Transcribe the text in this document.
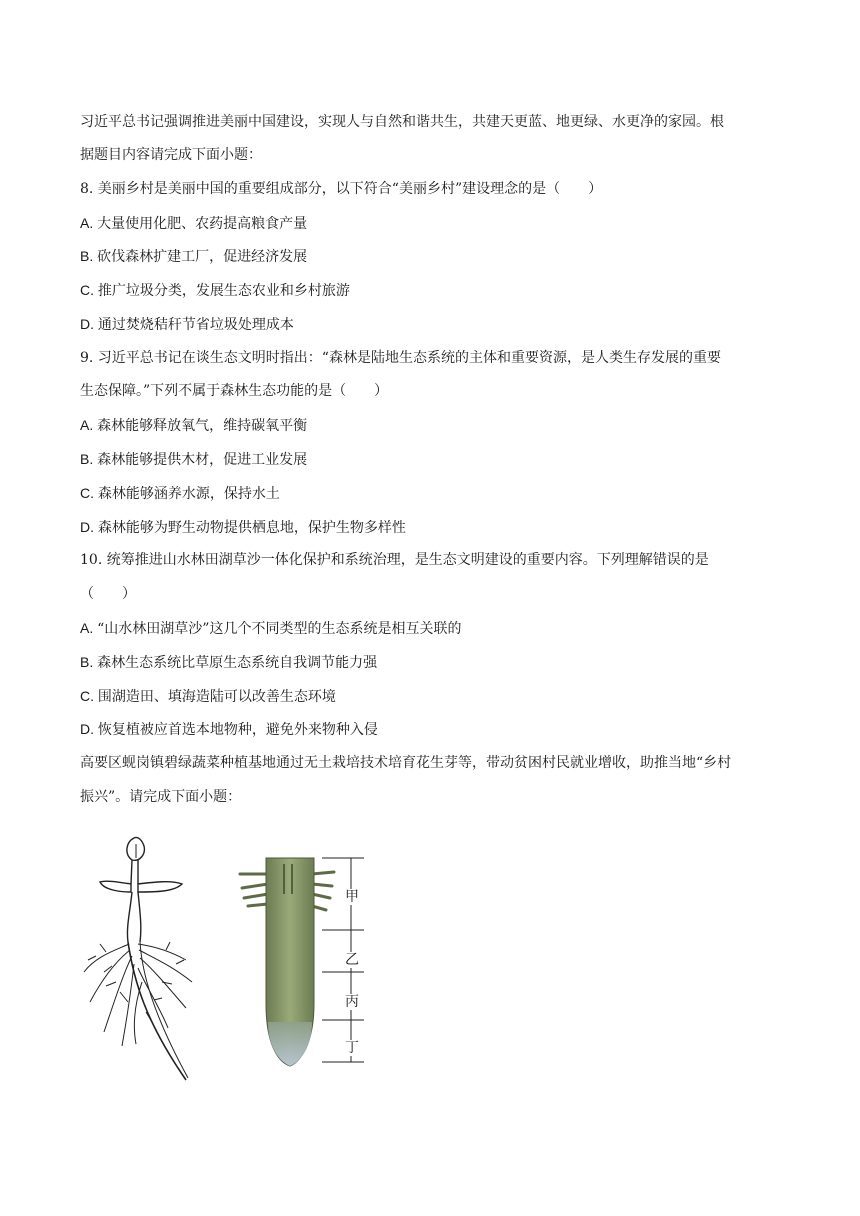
习近平总书记强调推进美丽中国建设，实现人与自然和谐共生，共建天更蓝、地更绿、水更净的家园。根
据题目内容请完成下面小题：
8. 美丽乡村是美丽中国的重要组成部分，以下符合“美丽乡村”建设理念的是（　　）
A. 大量使用化肥、农药提高粮食产量
B. 砍伐森林扩建工厂，促进经济发展
C. 推广垃圾分类，发展生态农业和乡村旅游
D. 通过焚烧秸秆节省垃圾处理成本
9. 习近平总书记在谈生态文明时指出：“森林是陆地生态系统的主体和重要资源，是人类生存发展的重要
生态保障。”下列不属于森林生态功能的是（　　）
A. 森林能够释放氧气，维持碳氧平衡
B. 森林能够提供木材，促进工业发展
C. 森林能够涵养水源，保持水土
D. 森林能够为野生动物提供栖息地，保护生物多样性
10. 统筹推进山水林田湖草沙一体化保护和系统治理，是生态文明建设的重要内容。下列理解错误的是
（　　）
A. “山水林田湖草沙”这几个不同类型的生态系统是相互关联的
B. 森林生态系统比草原生态系统自我调节能力强
C. 围湖造田、填海造陆可以改善生态环境
D. 恢复植被应首选本地物种，避免外来物种入侵
高要区蚬岗镇碧绿蔬菜种植基地通过无土栽培技术培育花生芽等，带动贫困村民就业增收，助推当地“乡村
振兴”。请完成下面小题：
甲
乙
丙
丁
